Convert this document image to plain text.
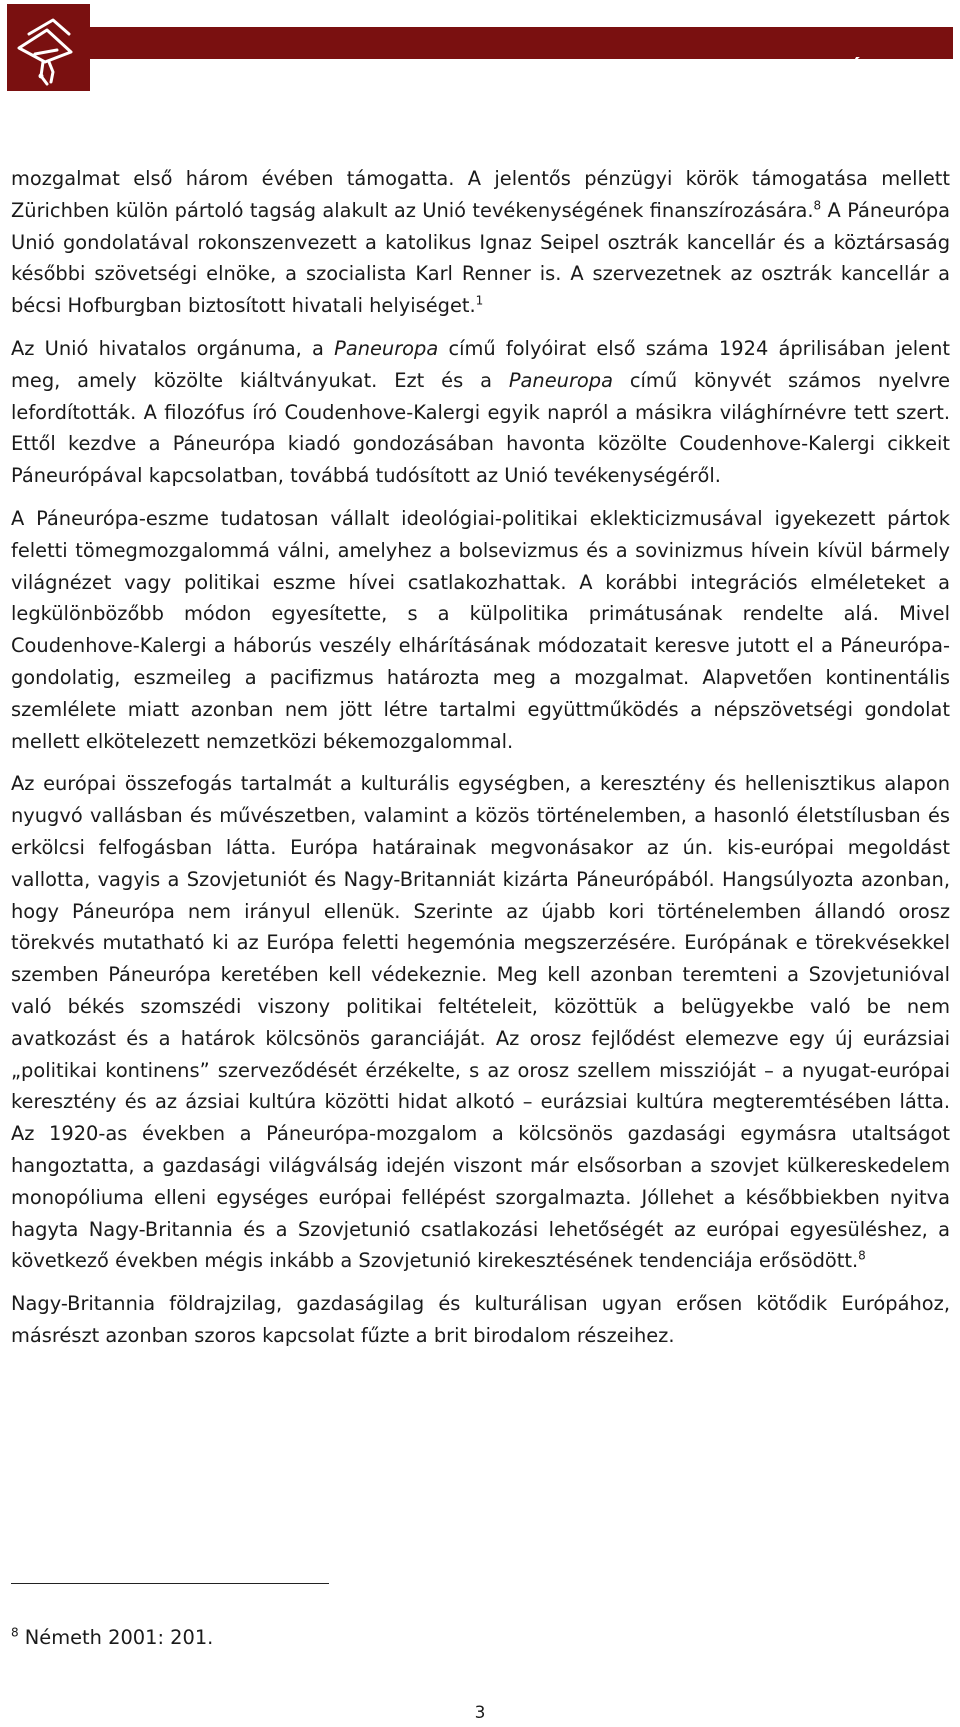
GROTIUS – TANULMÁNYOK

mozgalmat első három évében támogatta. A jelentős pénzügyi körök támogatása mellett Zürichben külön pártoló tagság alakult az Unió tevékenységének finanszírozására.$^8$ A Páneurópa Unió gondolatával rokonszenvezett a katolikus Ignaz Seipel osztrák kancellár és a köztársaság későbbi szövetségi elnöke, a szocialista Karl Renner is. A szervezetnek az osztrák kancellár a bécsi Hofburgban biztosított hivatali helyiséget.$^1$

Az Unió hivatalos orgánuma, a Paneuropa című folyóirat első száma 1924 áprilisában jelent meg, amely közölte kiáltványukat. Ezt és a Paneuropa című könyvét számos nyelvre lefordították. A filozófus író Coudenhove-Kalergi egyik napról a másikra világhírnévre tett szert. Ettől kezdve a Páneurópa kiadó gondozásában havonta közölte Coudenhove-Kalergi cikkeit Páneurópával kapcsolatban, továbbá tudósított az Unió tevékenységéről.

A Páneurópa-eszme tudatosan vállalt ideológiai-politikai eklekticizmusával igyekezett pártok feletti tömegmozgalommá válni, amelyhez a bolsevizmus és a sovinizmus hívein kívül bármely világnézet vagy politikai eszme hívei csatlakozhattak. A korábbi integrációs elméleteket a legkülönbözőbb módon egyesítette, s a külpolitika primátusának rendelte alá. Mivel Coudenhove-Kalergi a háborús veszély elhárításának módozatait keresve jutott el a Páneurópa-gondolatig, eszmeileg a pacifizmus határozta meg a mozgalmat. Alapvetően kontinentális szemlélete miatt azonban nem jött létre tartalmi együttműködés a népszövetségi gondolat mellett elkötelezett nemzetközi békemozgalommal.

Az európai összefogás tartalmát a kulturális egységben, a keresztény és hellenisztikus alapon nyugvó vallásban és művészetben, valamint a közös történelemben, a hasonló életstílusban és erkölcsi felfogásban látta. Európa határainak megvonásakor az ún. kis-európai megoldást vallotta, vagyis a Szovjetuniót és Nagy-Britanniát kizárta Páneurópából. Hangsúlyozta azonban, hogy Páneurópa nem irányul ellenük. Szerinte az újabb kori történelemben állandó orosz törekvés mutatható ki az Európa feletti hegemónia megszerzésére. Európának e törekvésekkel szemben Páneurópa keretében kell védekeznie. Meg kell azonban teremteni a Szovjetunióval való békés szomszédi viszony politikai feltételeit, közöttük a belügyekbe való be nem avatkozást és a határok kölcsönös garanciáját. Az orosz fejlődést elemezve egy új eurázsiai „politikai kontinens” szerveződését érzékelte, s az orosz szellem misszióját – a nyugat-európai keresztény és az ázsiai kultúra közötti hidat alkotó – eurázsiai kultúra megteremtésében látta. Az 1920-as években a Páneurópa-mozgalom a kölcsönös gazdasági egymásra utaltságot hangoztatta, a gazdasági világválság idején viszont már elsősorban a szovjet külkereskedelem monopóliuma elleni egységes európai fellépést szorgalmazta. Jóllehet a későbbiekben nyitva hagyta Nagy-Britannia és a Szovjetunió csatlakozási lehetőségét az európai egyesüléshez, a következő években mégis inkább a Szovjetunió kirekesztésének tendenciája erősödött.$^8$

Nagy-Britannia földrajzilag, gazdaságilag és kulturálisan ugyan erősen kötődik Európához, másrészt azonban szoros kapcsolat fűzte a brit birodalom részeihez.

$^8$ Németh 2001: 201.
3
